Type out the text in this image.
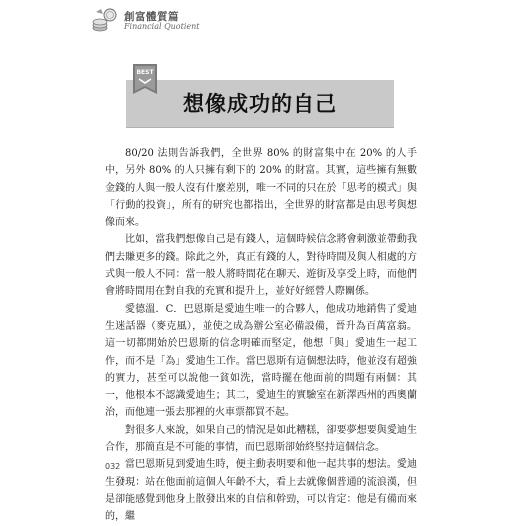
創富體質篇
Financial Quotient
想像成功的自己
BEST

80/20 法則告訴我們，全世界 80% 的財富集中在 20% 的人手中，另外 80% 的人只擁有剩下的 20% 的財富。其實，這些擁有無數金錢的人與一般人沒有什麼差別，唯一不同的只在於「思考的模式」與「行動的投資」，所有的研究也都指出，全世界的財富都是由思考與想像而來。

比如，當我們想像自己是有錢人，這個時候信念將會刺激並帶動我們去賺更多的錢。除此之外，真正有錢的人，對待時間及與人相處的方式與一般人不同：當一般人將時間花在聊天、遊街及享受上時，而他們會將時間用在對自我的充實和提升上，並好好經營人際關係。

愛德溫．C．巴恩斯是愛迪生唯一的合夥人，他成功地銷售了愛迪生迷話器（麥克風），並使之成為辦公室必備設備，晉升為百萬富翁。這一切都開始於巴恩斯的信念明確而堅定，他想「與」愛迪生一起工作，而不是「為」愛迪生工作。當巴恩斯有這個想法時，他並沒有超強的實力，甚至可以說他一貧如洗，當時擺在他面前的問題有兩個：其一，他根本不認識愛迪生；其二，愛迪生的實驗室在新澤西州的西奧蘭治，而他連一張去那裡的火車票都買不起。

對很多人來說，如果自己的情況是如此糟糕，卻要夢想要與愛迪生合作，那簡直是不可能的事情，而巴恩斯卻始終堅持這個信念。

當巴恩斯見到愛迪生時，便主動表明要和他一起共事的想法。愛迪生發現：站在他面前這個人年齡不大，看上去就像個普通的流浪漢，但是卻能感覺到他身上散發出來的自信和幹勁，可以肯定：他是有備而來的，繼

032
